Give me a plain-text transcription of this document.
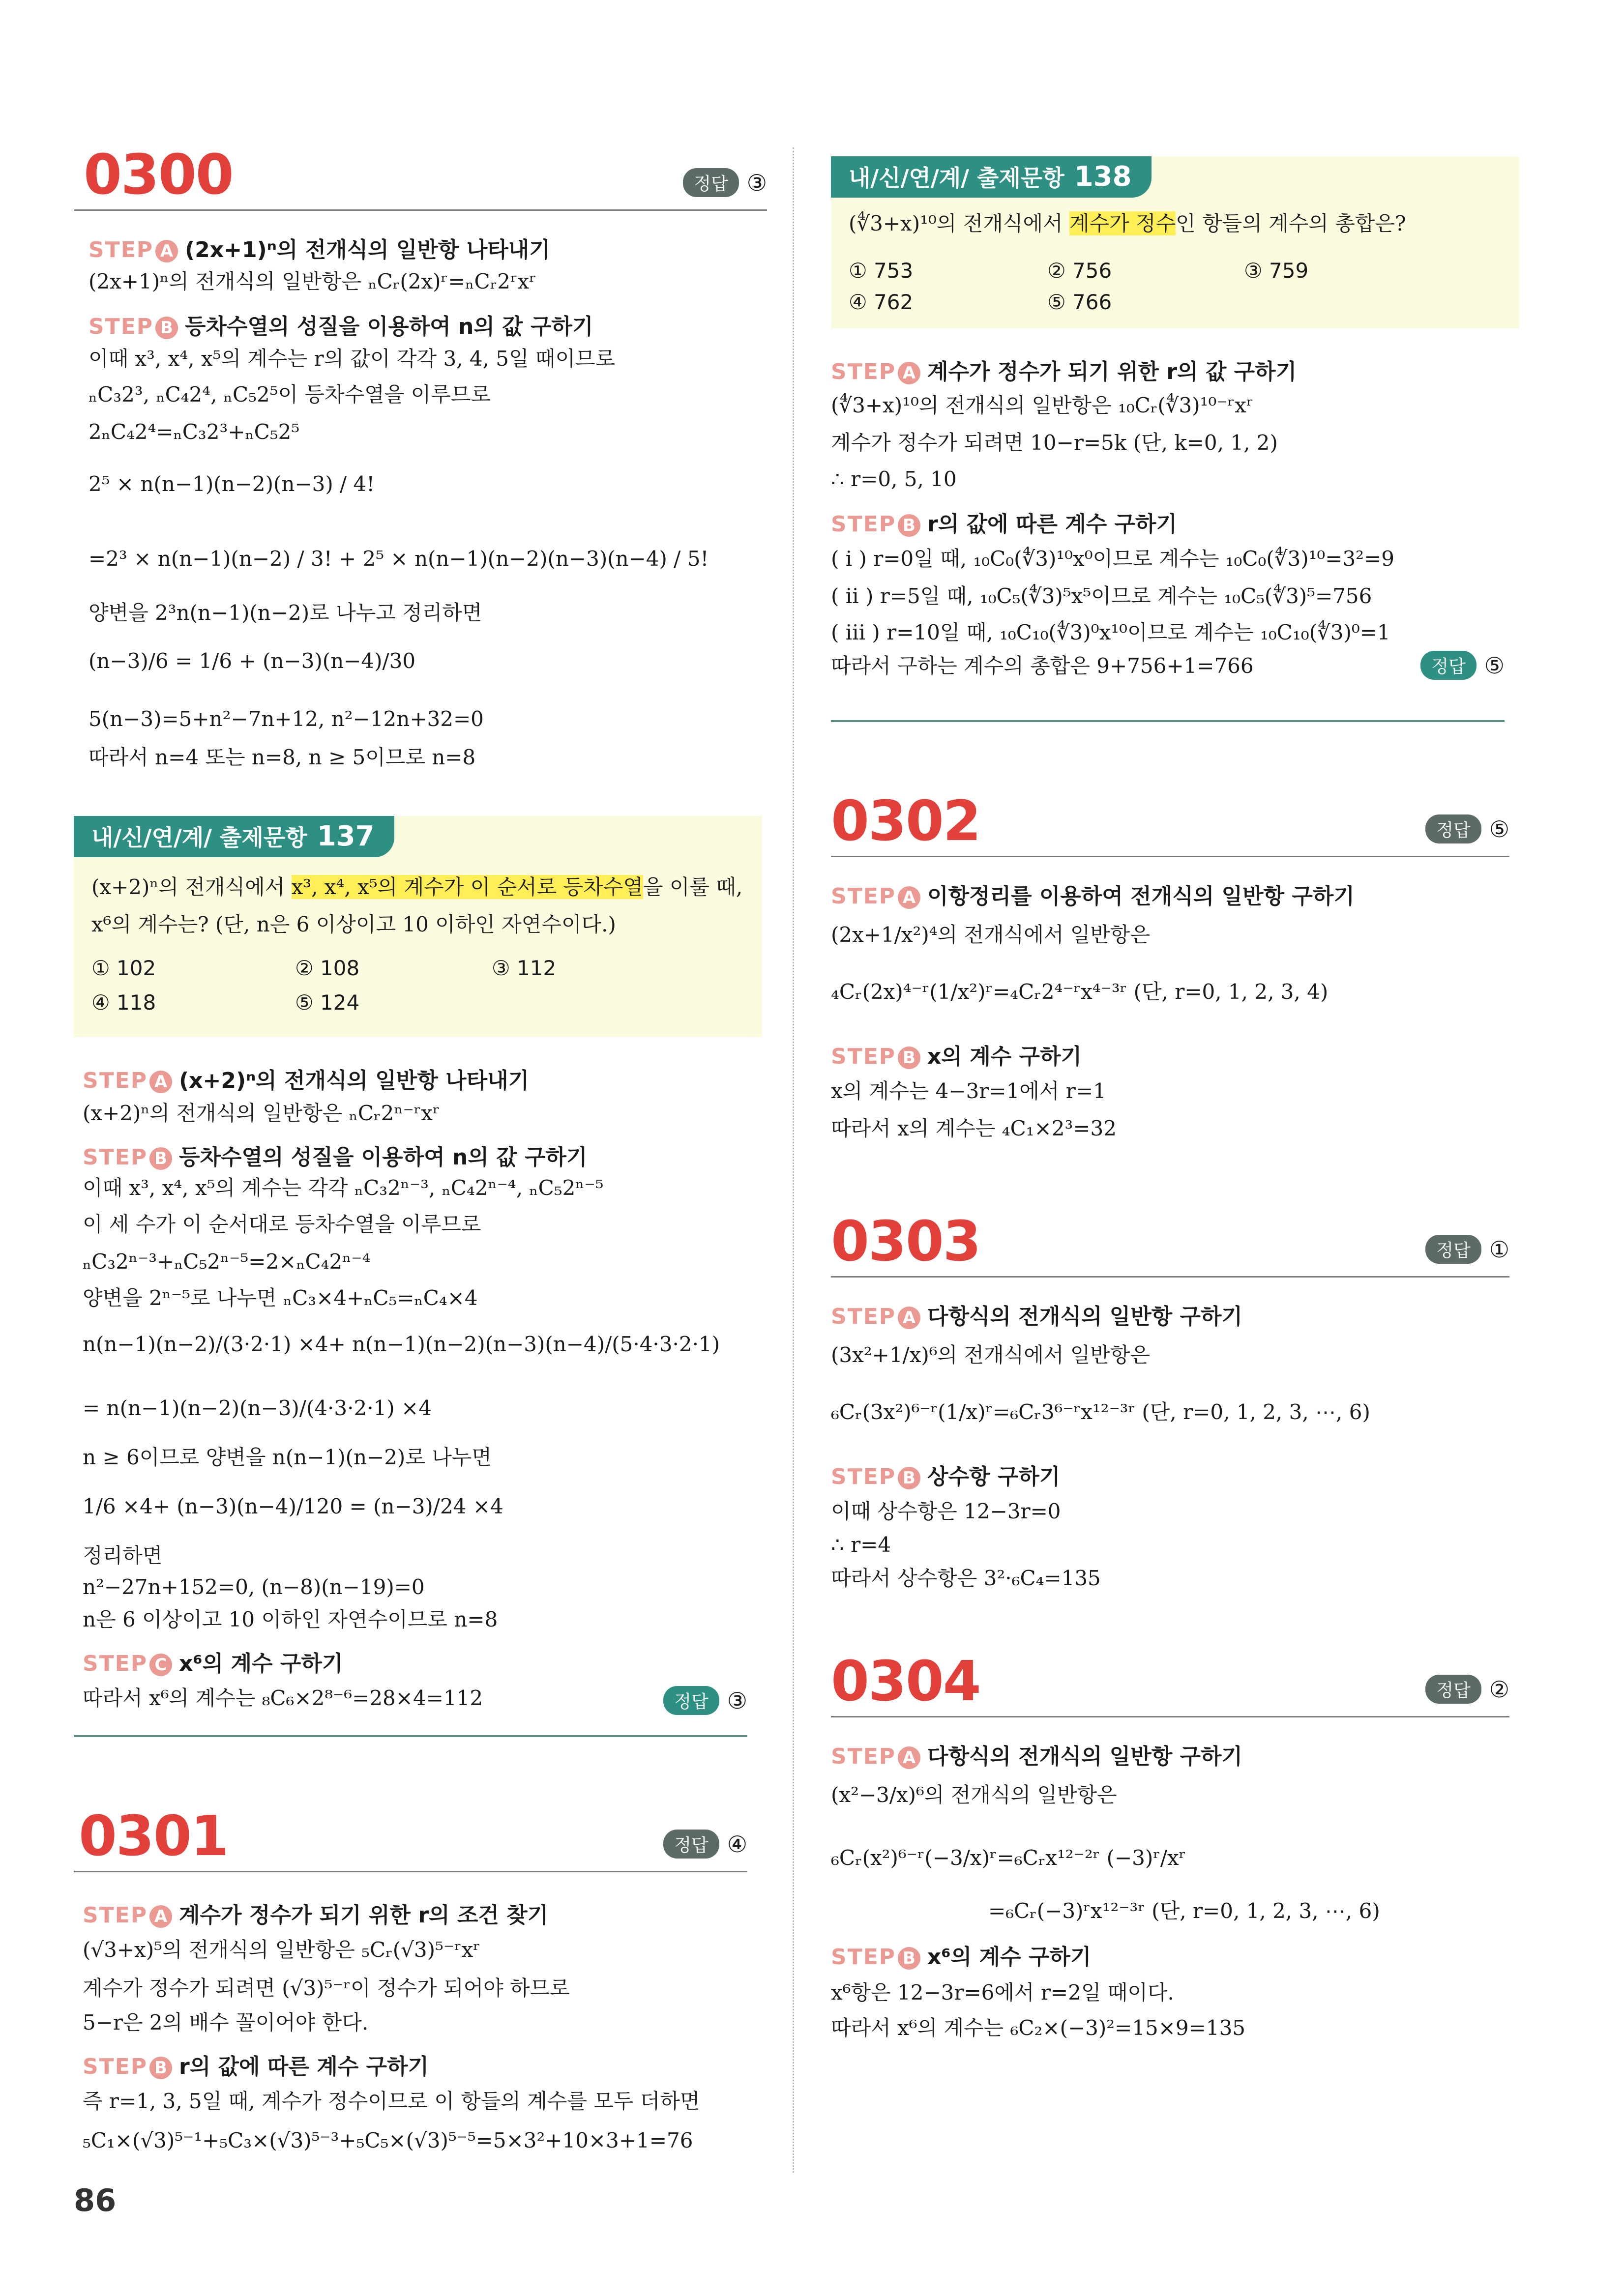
0300	정답 ③
STEP A (2x+1)ⁿ의 전개식의 일반항 나타내기
(2x+1)ⁿ의 전개식의 일반항은 ₙCᵣ(2x)ʳ=ₙCᵣ2ʳxʳ
STEP B 등차수열의 성질을 이용하여 n의 값 구하기
이때 x³, x⁴, x⁵의 계수는 r의 값이 각각 3, 4, 5일 때이므로
ₙC₃2³, ₙC₄2⁴, ₙC₅2⁵이 등차수열을 이루므로
2ₙC₄2⁴=ₙC₃2³+ₙC₅2⁵
2⁵ × n(n−1)(n−2)(n−3) / 4!
=2³ × n(n−1)(n−2) / 3! + 2⁵ × n(n−1)(n−2)(n−3)(n−4) / 5!
양변을 2³n(n−1)(n−2)로 나누고 정리하면
(n−3)/6 = 1/6 + (n−3)(n−4)/30
5(n−3)=5+n²−7n+12, n²−12n+32=0
따라서 n=4 또는 n=8, n ≥ 5이므로 n=8
내/신/연/계/ 출제문항 137
(x+2)ⁿ의 전개식에서 x³, x⁴, x⁵의 계수가 이 순서로 등차수열을 이룰 때,
x⁶의 계수는? (단, n은 6 이상이고 10 이하인 자연수이다.)
① 102	② 108	③ 112
④ 118	⑤ 124
STEP A (x+2)ⁿ의 전개식의 일반항 나타내기
(x+2)ⁿ의 전개식의 일반항은 ₙCᵣ2ⁿ⁻ʳxʳ
STEP B 등차수열의 성질을 이용하여 n의 값 구하기
이때 x³, x⁴, x⁵의 계수는 각각 ₙC₃2ⁿ⁻³, ₙC₄2ⁿ⁻⁴, ₙC₅2ⁿ⁻⁵
이 세 수가 이 순서대로 등차수열을 이루므로
ₙC₃2ⁿ⁻³+ₙC₅2ⁿ⁻⁵=2×ₙC₄2ⁿ⁻⁴
양변을 2ⁿ⁻⁵로 나누면 ₙC₃×4+ₙC₅=ₙC₄×4
n(n−1)(n−2)/(3·2·1) ×4+ n(n−1)(n−2)(n−3)(n−4)/(5·4·3·2·1)
= n(n−1)(n−2)(n−3)/(4·3·2·1) ×4
n ≥ 6이므로 양변을 n(n−1)(n−2)로 나누면
1/6 ×4+ (n−3)(n−4)/120 = (n−3)/24 ×4
정리하면
n²−27n+152=0, (n−8)(n−19)=0
n은 6 이상이고 10 이하인 자연수이므로 n=8
STEP C x⁶의 계수 구하기
따라서 x⁶의 계수는 ₈C₆×2⁸⁻⁶=28×4=112	정답 ③
0301	정답 ④
STEP A 계수가 정수가 되기 위한 r의 조건 찾기
(√3+x)⁵의 전개식의 일반항은 ₅Cᵣ(√3)⁵⁻ʳxʳ
계수가 정수가 되려면 (√3)⁵⁻ʳ이 정수가 되어야 하므로
5−r은 2의 배수 꼴이어야 한다.
STEP B r의 값에 따른 계수 구하기
즉 r=1, 3, 5일 때, 계수가 정수이므로 이 항들의 계수를 모두 더하면
₅C₁×(√3)⁵⁻¹+₅C₃×(√3)⁵⁻³+₅C₅×(√3)⁵⁻⁵=5×3²+10×3+1=76
내/신/연/계/ 출제문항 138
(∜3+x)¹⁰의 전개식에서 계수가 정수인 항들의 계수의 총합은?
① 753	② 756	③ 759
④ 762	⑤ 766
STEP A 계수가 정수가 되기 위한 r의 값 구하기
(∜3+x)¹⁰의 전개식의 일반항은 ₁₀Cᵣ(∜3)¹⁰⁻ʳxʳ
계수가 정수가 되려면 10−r=5k (단, k=0, 1, 2)
∴ r=0, 5, 10
STEP B r의 값에 따른 계수 구하기
( i ) r=0일 때, ₁₀C₀(∜3)¹⁰x⁰이므로 계수는 ₁₀C₀(∜3)¹⁰=3²=9
( ii ) r=5일 때, ₁₀C₅(∜3)⁵x⁵이므로 계수는 ₁₀C₅(∜3)⁵=756
( iii ) r=10일 때, ₁₀C₁₀(∜3)⁰x¹⁰이므로 계수는 ₁₀C₁₀(∜3)⁰=1
따라서 구하는 계수의 총합은 9+756+1=766	정답 ⑤
0302	정답 ⑤
STEP A 이항정리를 이용하여 전개식의 일반항 구하기
(2x+1/x²)⁴의 전개식에서 일반항은
₄Cᵣ(2x)⁴⁻ʳ(1/x²)ʳ=₄Cᵣ2⁴⁻ʳx⁴⁻³ʳ (단, r=0, 1, 2, 3, 4)
STEP B x의 계수 구하기
x의 계수는 4−3r=1에서 r=1
따라서 x의 계수는 ₄C₁×2³=32
0303	정답 ①
STEP A 다항식의 전개식의 일반항 구하기
(3x²+1/x)⁶의 전개식에서 일반항은
₆Cᵣ(3x²)⁶⁻ʳ(1/x)ʳ=₆Cᵣ3⁶⁻ʳx¹²⁻³ʳ (단, r=0, 1, 2, 3, ⋯, 6)
STEP B 상수항 구하기
이때 상수항은 12−3r=0
∴ r=4
따라서 상수항은 3²·₆C₄=135
0304	정답 ②
STEP A 다항식의 전개식의 일반항 구하기
(x²−3/x)⁶의 전개식의 일반항은
₆Cᵣ(x²)⁶⁻ʳ(−3/x)ʳ=₆Cᵣx¹²⁻²ʳ (−3)ʳ/xʳ
=₆Cᵣ(−3)ʳx¹²⁻³ʳ (단, r=0, 1, 2, 3, ⋯, 6)
STEP B x⁶의 계수 구하기
x⁶항은 12−3r=6에서 r=2일 때이다.
따라서 x⁶의 계수는 ₆C₂×(−3)²=15×9=135
86
